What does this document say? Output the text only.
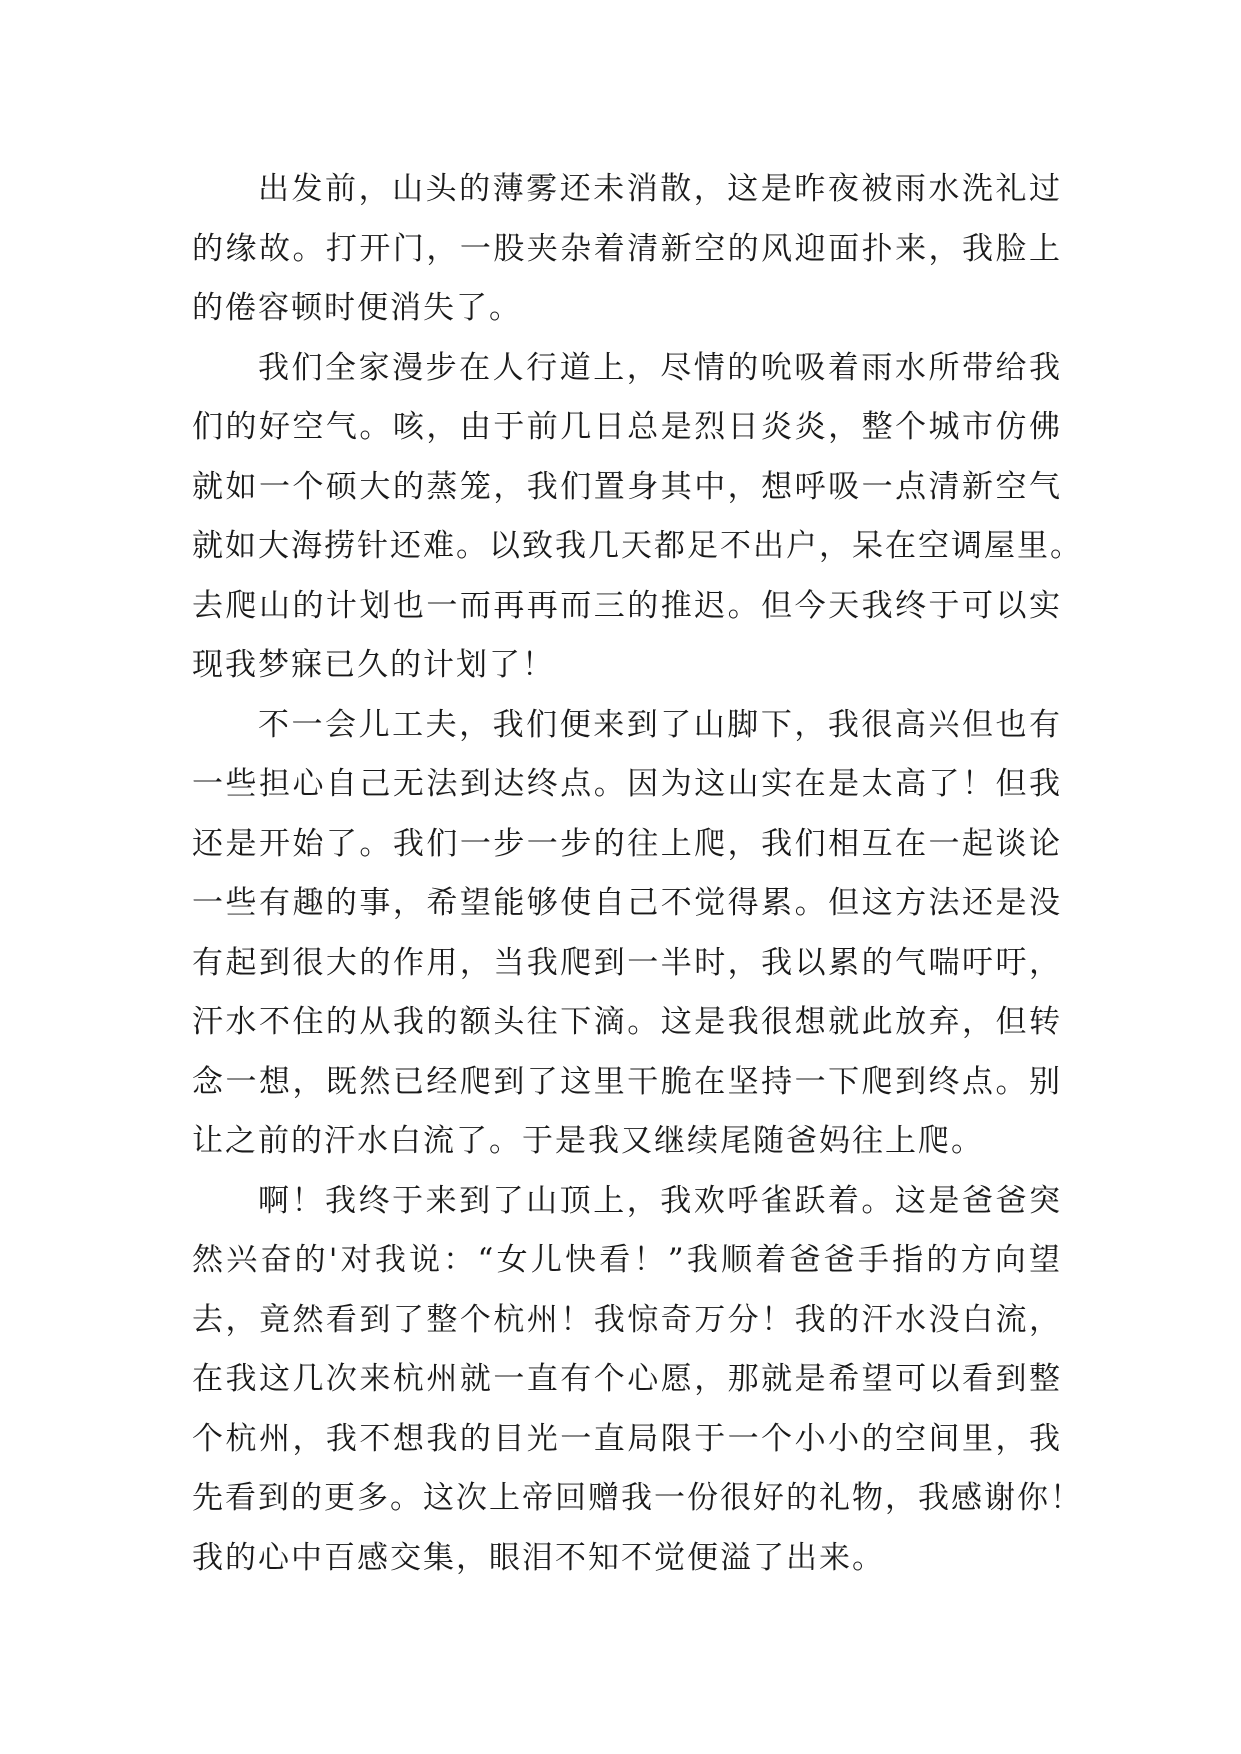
出发前，山头的薄雾还未消散，这是昨夜被雨水洗礼过
的缘故。打开门，一股夹杂着清新空的风迎面扑来，我脸上
的倦容顿时便消失了。
我们全家漫步在人行道上，尽情的吮吸着雨水所带给我
们的好空气。咳，由于前几日总是烈日炎炎，整个城市仿佛
就如一个硕大的蒸笼，我们置身其中，想呼吸一点清新空气
就如大海捞针还难。以致我几天都足不出户，呆在空调屋里。
去爬山的计划也一而再再而三的推迟。但今天我终于可以实
现我梦寐已久的计划了！
不一会儿工夫，我们便来到了山脚下，我很高兴但也有
一些担心自己无法到达终点。因为这山实在是太高了！但我
还是开始了。我们一步一步的往上爬，我们相互在一起谈论
一些有趣的事，希望能够使自己不觉得累。但这方法还是没
有起到很大的作用，当我爬到一半时，我以累的气喘吁吁，
汗水不住的从我的额头往下滴。这是我很想就此放弃，但转
念一想，既然已经爬到了这里干脆在坚持一下爬到终点。别
让之前的汗水白流了。于是我又继续尾随爸妈往上爬。
啊！我终于来到了山顶上，我欢呼雀跃着。这是爸爸突
然兴奋的'对我说：“女儿快看！”我顺着爸爸手指的方向望
去，竟然看到了整个杭州！我惊奇万分！我的汗水没白流，
在我这几次来杭州就一直有个心愿，那就是希望可以看到整
个杭州，我不想我的目光一直局限于一个小小的空间里，我
先看到的更多。这次上帝回赠我一份很好的礼物，我感谢你！
我的心中百感交集，眼泪不知不觉便溢了出来。
